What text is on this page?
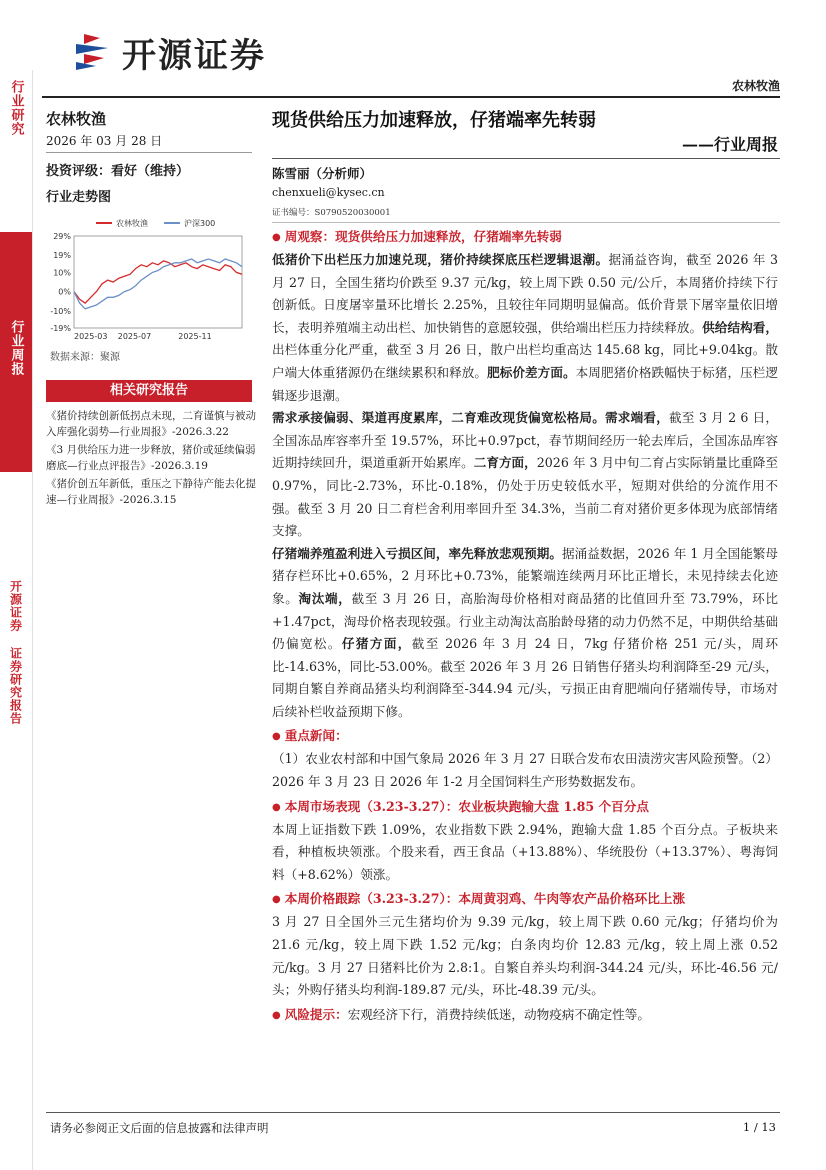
开源证券
农林牧渔
行业研究
行业周报
开源证券 证券研究报告
农林牧渔
2026 年 03 月 28 日
投资评级：看好（维持）
行业走势图
农林牧渔	沪深300
29%
19%
10%
0%
-10%
-19%
2025-03 2025-07	2025-11
数据来源：聚源
相关研究报告
《猪价持续创新低拐点未现，二育谨慎与被动入库强化弱势—行业周报》-2026.3.22
《3 月供给压力进一步释放，猪价或延续偏弱磨底—行业点评报告》-2026.3.19
《猪价创五年新低，重压之下静待产能去化提速—行业周报》-2026.3.15
现货供给压力加速释放，仔猪端率先转弱
——行业周报
陈雪丽（分析师）
chenxueli@kysec.cn
证书编号：S0790520030001
● 周观察：现货供给压力加速释放，仔猪端率先转弱
低猪价下出栏压力加速兑现，猪价持续探底压栏逻辑退潮。据涌益咨询，截至 2026 年 3 月 27 日，全国生猪均价跌至 9.37 元/kg，较上周下跌 0.50 元/公斤，本周猪价持续下行创新低。日度屠宰量环比增长 2.25%，且较往年同期明显偏高。低价背景下屠宰量依旧增长，表明养殖端主动出栏、加快销售的意愿较强，供给端出栏压力持续释放。供给结构看，出栏体重分化严重，截至 3 月 26 日，散户出栏均重高达 145.68 kg，同比+9.04kg。散户端大体重猪源仍在继续累积和释放。肥标价差方面。本周肥猪价格跌幅快于标猪，压栏逻辑逐步退潮。
需求承接偏弱、渠道再度累库，二育难改现货偏宽松格局。需求端看，截至 3 月 2 6 日，全国冻品库容率升至 19.57%，环比+0.97pct，春节期间经历一轮去库后，全国冻品库容近期持续回升，渠道重新开始累库。二育方面，2026 年 3 月中旬二育占实际销量比重降至 0.97%，同比-2.73%，环比-0.18%，仍处于历史较低水平，短期对供给的分流作用不强。截至 3 月 20 日二育栏舍利用率回升至 34.3%，当前二育对猪价更多体现为底部情绪支撑。
仔猪端养殖盈利进入亏损区间，率先释放悲观预期。据涌益数据，2026 年 1 月全国能繁母猪存栏环比+0.65%，2 月环比+0.73%，能繁端连续两月环比正增长，未见持续去化迹象。淘汰端，截至 3 月 26 日，高胎淘母价格相对商品猪的比值回升至 73.79%，环比+1.47pct，淘母价格表现较强。行业主动淘汰高胎龄母猪的动力仍然不足，中期供给基础仍偏宽松。仔猪方面，截至 2026 年 3 月 24 日，7kg 仔猪价格 251 元/头，周环比-14.63%，同比-53.00%。截至 2026 年 3 月 26 日销售仔猪头均利润降至-29 元/头，同期自繁自养商品猪头均利润降至-344.94 元/头，亏损正由育肥端向仔猪端传导，市场对后续补栏收益预期下修。
● 重点新闻：
（1）农业农村部和中国气象局 2026 年 3 月 27 日联合发布农田渍涝灾害风险预警。（2）2026 年 3 月 23 日 2026 年 1-2 月全国饲料生产形势数据发布。
● 本周市场表现（3.23-3.27）：农业板块跑输大盘 1.85 个百分点
本周上证指数下跌 1.09%，农业指数下跌 2.94%，跑输大盘 1.85 个百分点。子板块来看，种植板块领涨。个股来看，西王食品（+13.88%）、华统股份（+13.37%）、粤海饲料（+8.62%）领涨。
● 本周价格跟踪（3.23-3.27）：本周黄羽鸡、牛肉等农产品价格环比上涨
3 月 27 日全国外三元生猪均价为 9.39 元/kg，较上周下跌 0.60 元/kg；仔猪均价为 21.6 元/kg，较上周下跌 1.52 元/kg；白条肉均价 12.83 元/kg，较上周上涨 0.52 元/kg。3 月 27 日猪料比价为 2.8:1。自繁自养头均利润-344.24 元/头，环比-46.56 元/头；外购仔猪头均利润-189.87 元/头，环比-48.39 元/头。
● 风险提示：宏观经济下行，消费持续低迷，动物疫病不确定性等。
请务必参阅正文后面的信息披露和法律声明	1 / 13
